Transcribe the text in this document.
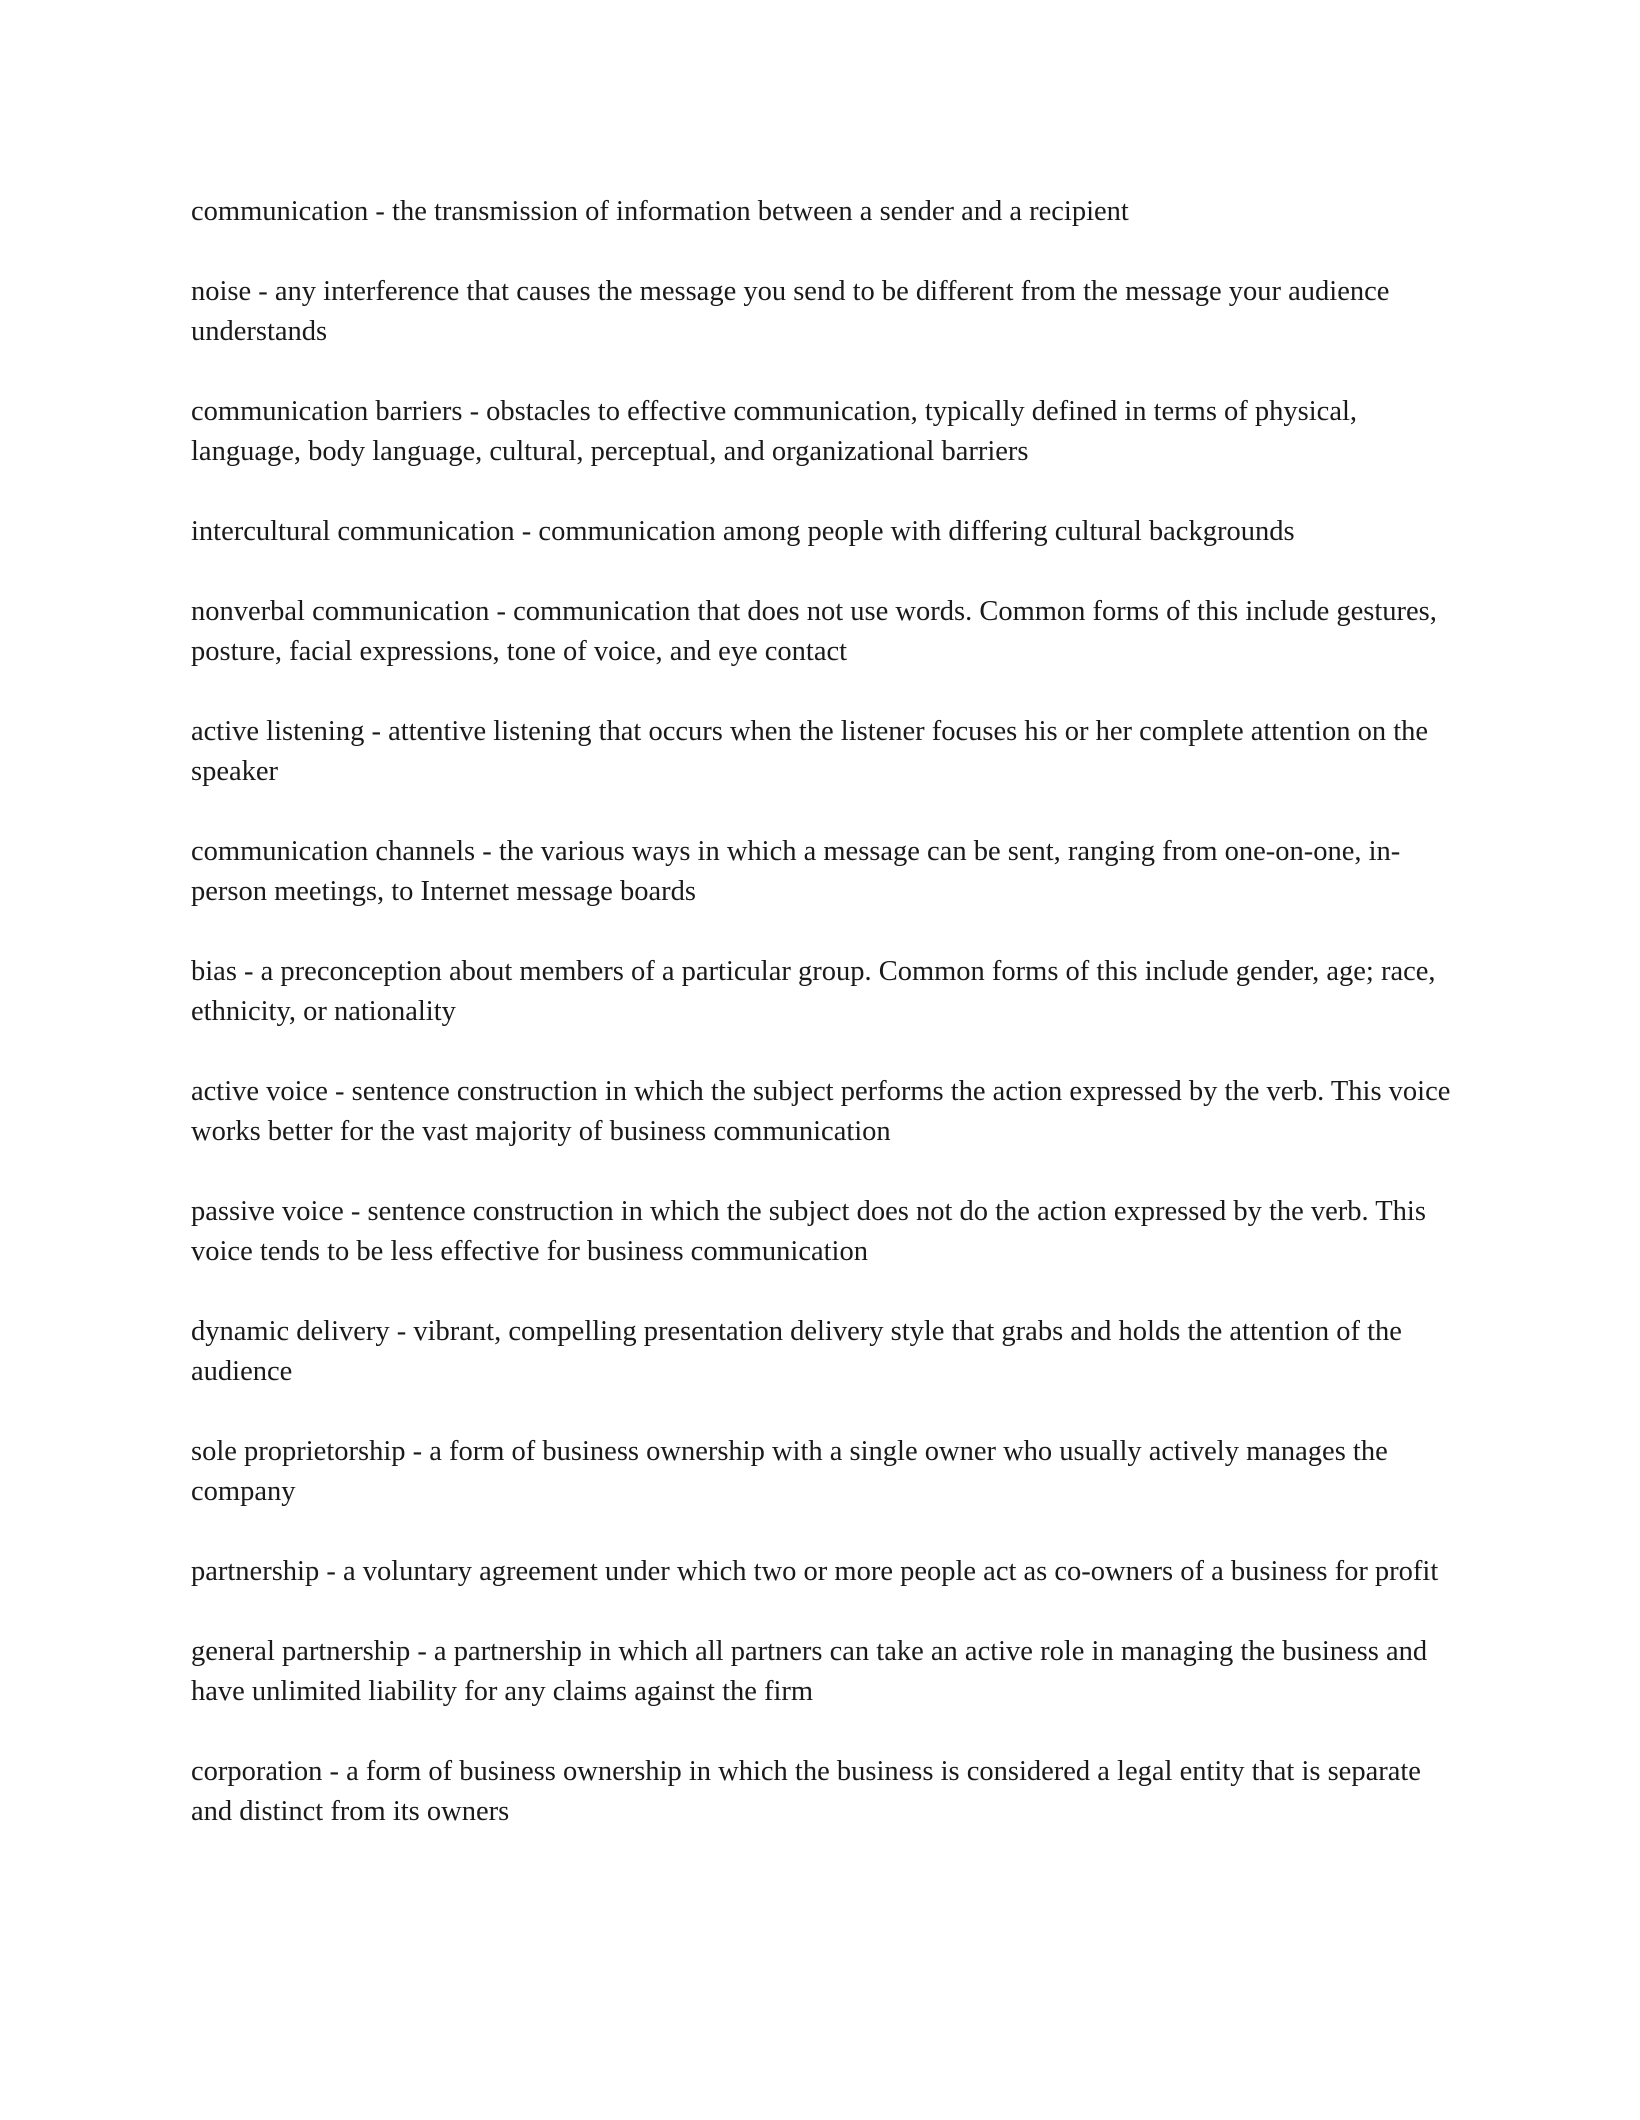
communication - the transmission of information between a sender and a recipient

noise - any interference that causes the message you send to be different from the message your audience understands

communication barriers - obstacles to effective communication, typically defined in terms of physical, language, body language, cultural, perceptual, and organizational barriers

intercultural communication - communication among people with differing cultural backgrounds

nonverbal communication - communication that does not use words. Common forms of this include gestures, posture, facial expressions, tone of voice, and eye contact

active listening - attentive listening that occurs when the listener focuses his or her complete attention on the speaker

communication channels - the various ways in which a message can be sent, ranging from one-on-one, in-person meetings, to Internet message boards

bias - a preconception about members of a particular group. Common forms of this include gender, age; race, ethnicity, or nationality

active voice - sentence construction in which the subject performs the action expressed by the verb. This voice works better for the vast majority of business communication

passive voice - sentence construction in which the subject does not do the action expressed by the verb. This voice tends to be less effective for business communication

dynamic delivery - vibrant, compelling presentation delivery style that grabs and holds the attention of the audience

sole proprietorship - a form of business ownership with a single owner who usually actively manages the company

partnership - a voluntary agreement under which two or more people act as co-owners of a business for profit

general partnership - a partnership in which all partners can take an active role in managing the business and have unlimited liability for any claims against the firm

corporation - a form of business ownership in which the business is considered a legal entity that is separate and distinct from its owners
